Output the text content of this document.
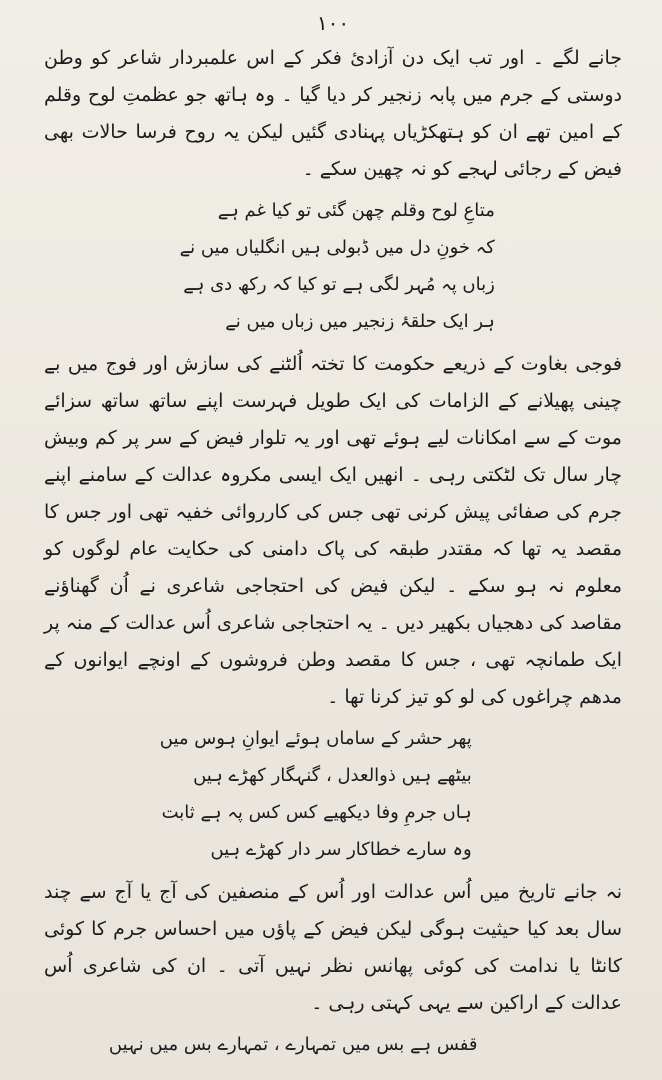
۱۰۰

جانے لگے ۔ اور تب ایک دن آزادئ فکر کے اس علمبردار شاعر کو وطن دوستی کے جرم میں پابہ زنجیر کر دیا گیا ۔ وہ ہاتھ جو عظمتِ لوح وقلم کے امین تھے ان کو ہتھکڑیاں پہنادی گئیں لیکن یہ روح فرسا حالات بھی فیض کے رجائی لہجے کو نہ چھین سکے ۔

متاعِ لوح وقلم چھن گئی تو کیا غم ہے
کہ خونِ دل میں ڈبولی ہیں انگلیاں میں نے
زباں پہ مُہر لگی ہے تو کیا کہ رکھ دی ہے
ہر ایک حلقۂ زنجیر میں زباں میں نے

فوجی بغاوت کے ذریعے حکومت کا تختہ اُلٹنے کی سازش اور فوج میں بے چینی پھیلانے کے الزامات کی ایک طویل فہرست اپنے ساتھ ساتھ سزائے موت کے سے امکانات لیے ہوئے تھی اور یہ تلوار فیض کے سر پر کم وبیش چار سال تک لٹکتی رہی ۔ انھیں ایک ایسی مکروہ عدالت کے سامنے اپنے جرم کی صفائی پیش کرنی تھی جس کی کارروائی خفیہ تھی اور جس کا مقصد یہ تھا کہ مقتدر طبقہ کی پاک دامنی کی حکایت عام لوگوں کو معلوم نہ ہو سکے ۔ لیکن فیض کی احتجاجی شاعری نے اُن گھناؤنے مقاصد کی دھجیاں بکھیر دیں ۔ یہ احتجاجی شاعری اُس عدالت کے منہ پر ایک طمانچہ تھی ، جس کا مقصد وطن فروشوں کے اونچے ایوانوں کے مدھم چراغوں کی لو کو تیز کرنا تھا ۔

پھر حشر کے ساماں ہوئے ایوانِ ہوس میں
بیٹھے ہیں ذوالعدل ، گنہگار کھڑے ہیں
ہاں جرمِ وفا دیکھیے کس کس پہ ہے ثابت
وہ سارے خطاکار سر دار کھڑے ہیں

نہ جانے تاریخ میں اُس عدالت اور اُس کے منصفین کی آج یا آج سے چند سال بعد کیا حیثیت ہوگی لیکن فیض کے پاؤں میں احساس جرم کا کوئی کانٹا یا ندامت کی کوئی پھانس نظر نہیں آتی ۔ ان کی شاعری اُس عدالت کے اراکین سے یہی کہتی رہی ۔

قفس ہے بس میں تمہارے ، تمہارے بس میں نہیں
